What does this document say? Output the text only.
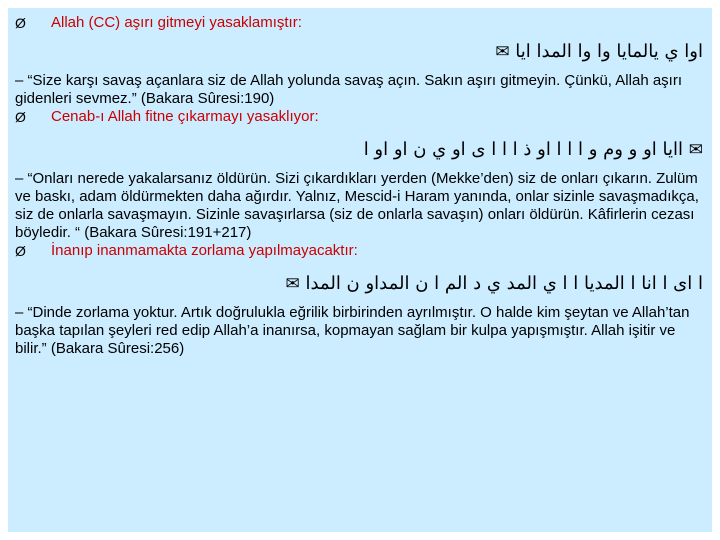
Ø	Allah (CC) aşırı gitmeyi yasaklamıştır:
اوا ي يالمايا وا وا المدا ايا ✉

– “Size karşı savaş açanlara siz de Allah yolunda savaş açın. Sakın aşırı gitmeyin. Çünkü, Allah aşırı gidenleri sevmez.” (Bakara Sûresi:190)

Ø	Cenab-ı Allah fitne çıkarmayı yasaklıyor:
✉ اايا او و وم و ا ا ا او ذ ا ا ا ى او ي ن او او ا

– “Onları nerede yakalarsanız öldürün. Sizi çıkardıkları yerden (Mekke’den) siz de onları çıkarın. Zulüm ve baskı, adam öldürmekten daha ağırdır. Yalnız, Mescid-i Haram yanında, onlar sizinle savaşmadıkça, siz de onlarla savaşmayın. Sizinle savaşırlarsa (siz de onlarla savaşın) onları öldürün. Kâfirlerin cezası böyledir. “ (Bakara Sûresi:191+217)

Ø	İnanıp inanmamakta zorlama yapılmayacaktır:
ا اى ا انا ا المديا ا ا ي المد ي د الم ا ن المداو ن المدا ✉

– “Dinde zorlama yoktur. Artık doğrulukla eğrilik birbirinden ayrılmıştır. O halde kim şeytan ve Allah’tan başka tapılan şeyleri red edip Allah’a inanırsa, kopmayan sağlam bir kulpa yapışmıştır. Allah işitir ve bilir.” (Bakara Sûresi:256)
